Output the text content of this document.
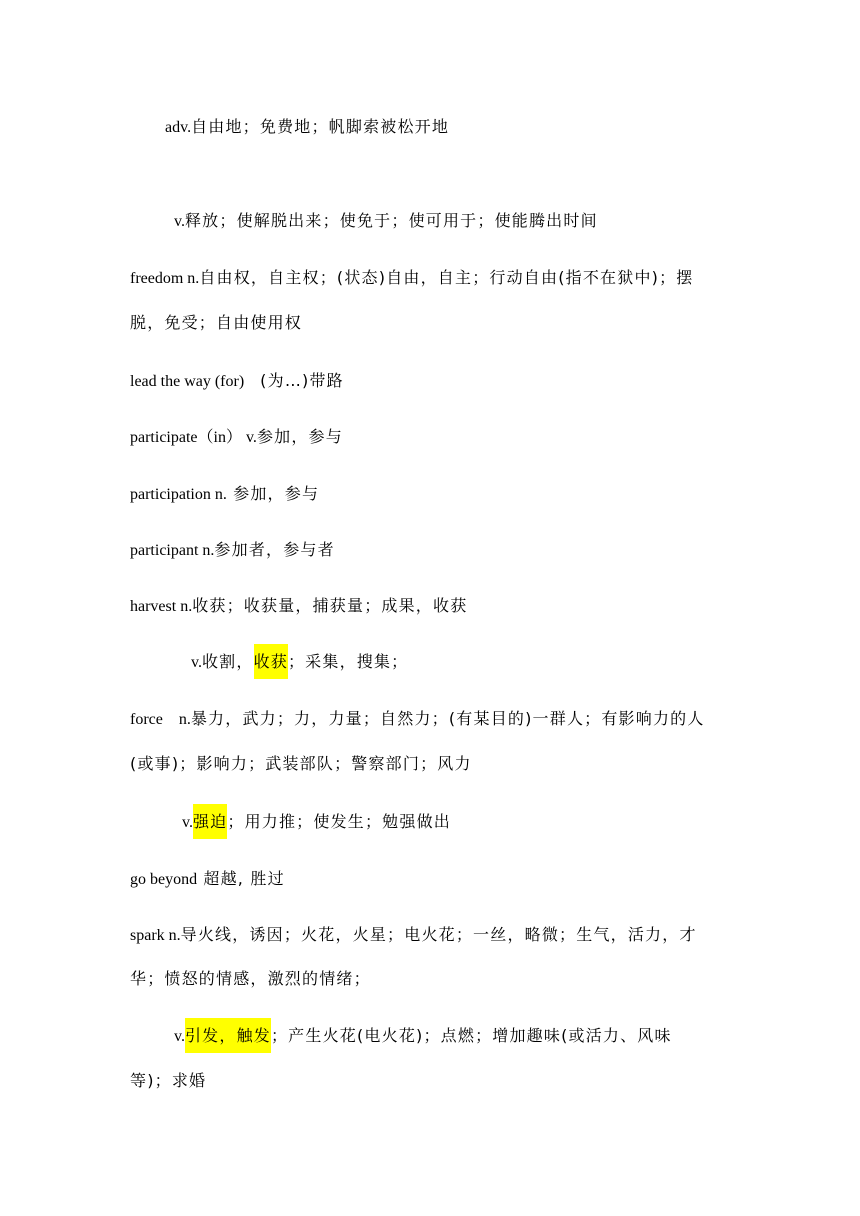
adv.自由地；免费地；帆脚索被松开地
v.释放；使解脱出来；使免于；使可用于；使能腾出时间
freedom n.自由权，自主权；(状态)自由，自主；行动自由(指不在狱中)；摆
脱，免受；自由使用权
lead the way (for) (为…)带路
participate（in） v.参加，参与
participation n. 参加，参与
participant n.参加者，参与者
harvest n.收获；收获量，捕获量；成果，收获
v.收割，收获；采集，搜集；
force    n.暴力，武力；力，力量；自然力；(有某目的)一群人；有影响力的人
(或事)；影响力；武装部队；警察部门；风力
v.强迫；用力推；使发生；勉强做出
go beyond 超越, 胜过
spark n.导火线，诱因；火花，火星；电火花；一丝，略微；生气，活力，才
华；愤怒的情感，激烈的情绪；
v.引发，触发；产生火花(电火花)；点燃；增加趣味(或活力、风味
等)；求婚
